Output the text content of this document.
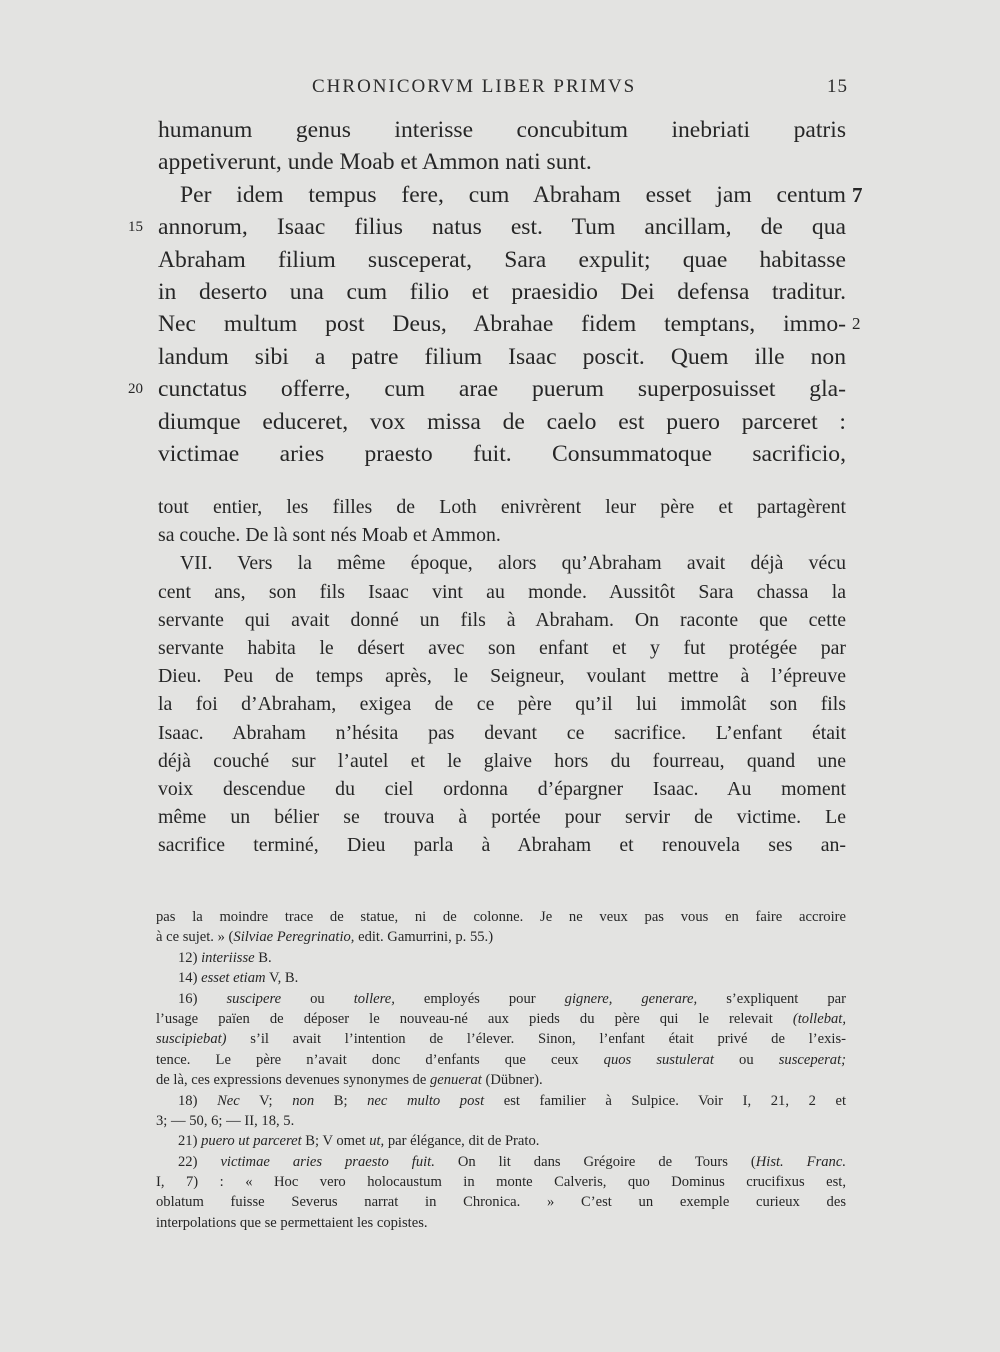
CHRONICORVM LIBER PRIMVS	15
humanum genus interisse concubitum inebriati patris
appetiverunt, unde Moab et Ammon nati sunt.
Per idem tempus fere, cum Abraham esset jam centum 7
15 annorum, Isaac filius natus est. Tum ancillam, de qua
Abraham filium susceperat, Sara expulit; quae habitasse
in deserto una cum filio et praesidio Dei defensa traditur.
Nec multum post Deus, Abrahae fidem temptans, immo- 2
landum sibi a patre filium Isaac poscit. Quem ille non
20 cunctatus offerre, cum arae puerum superposuisset gla-
diumque educeret, vox missa de caelo est puero parceret :
victimae aries praesto fuit. Consummatoque sacrificio,
tout entier, les filles de Loth enivrèrent leur père et partagèrent
sa couche. De là sont nés Moab et Ammon.
VII. Vers la même époque, alors qu’Abraham avait déjà vécu
cent ans, son fils Isaac vint au monde. Aussitôt Sara chassa la
servante qui avait donné un fils à Abraham. On raconte que cette
servante habita le désert avec son enfant et y fut protégée par
Dieu. Peu de temps après, le Seigneur, voulant mettre à l’épreuve
la foi d’Abraham, exigea de ce père qu’il lui immolât son fils
Isaac. Abraham n’hésita pas devant ce sacrifice. L’enfant était
déjà couché sur l’autel et le glaive hors du fourreau, quand une
voix descendue du ciel ordonna d’épargner Isaac. Au moment
même un bélier se trouva à portée pour servir de victime. Le
sacrifice terminé, Dieu parla à Abraham et renouvela ses an-
pas la moindre trace de statue, ni de colonne. Je ne veux pas vous en faire accroire
à ce sujet. » (Silviae Peregrinatio, edit. Gamurrini, p. 55.)
12) interiisse B.
14) esset etiam V, B.
16) suscipere ou tollere, employés pour gignere, generare, s’expliquent par
l’usage païen de déposer le nouveau-né aux pieds du père qui le relevait (tollebat,
suscipiebat) s’il avait l’intention de l’élever. Sinon, l’enfant était privé de l’exis-
tence. Le père n’avait donc d’enfants que ceux quos sustulerat ou susceperat;
de là, ces expressions devenues synonymes de genuerat (Dübner).
18) Nec V; non B; nec multo post est familier à Sulpice. Voir I, 21, 2 et
3; — 50, 6; — II, 18, 5.
21) puero ut parceret B; V omet ut, par élégance, dit de Prato.
22) victimae aries praesto fuit. On lit dans Grégoire de Tours (Hist. Franc.
I, 7) : « Hoc vero holocaustum in monte Calveris, quo Dominus crucifixus est,
oblatum fuisse Severus narrat in Chronica. » C’est un exemple curieux des
interpolations que se permettaient les copistes.
